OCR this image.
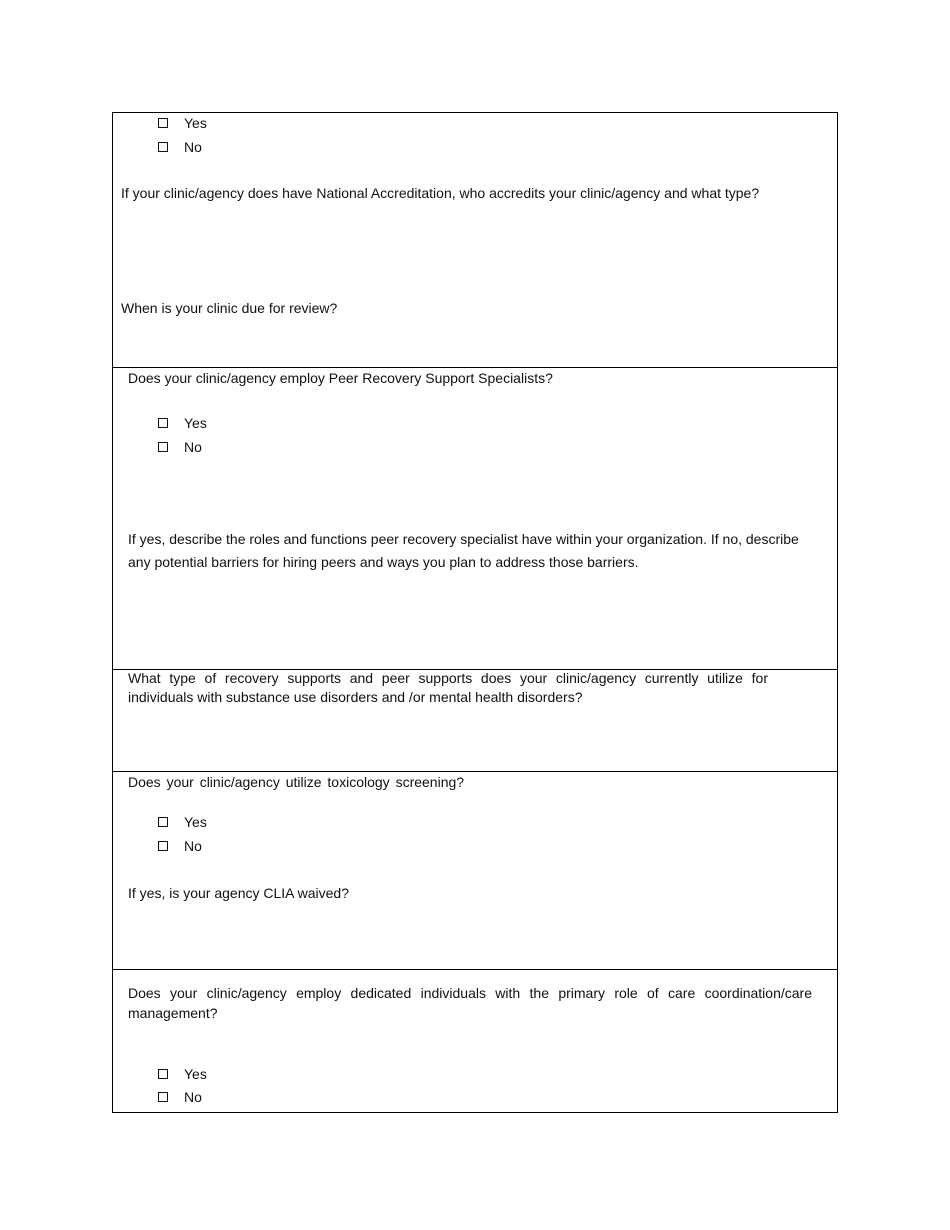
Yes
No

If your clinic/agency does have National Accreditation, who accredits your clinic/agency and what type?

When is your clinic due for review?

Does your clinic/agency employ Peer Recovery Support Specialists?

Yes
No

If yes, describe the roles and functions peer recovery specialist have within your organization. If no, describe any potential barriers for hiring peers and ways you plan to address those barriers.

What type of recovery supports and peer supports does your clinic/agency currently utilize for individuals with substance use disorders and /or mental health disorders?

Does your clinic/agency utilize toxicology screening?

Yes
No

If yes, is your agency CLIA waived?

Does your clinic/agency employ dedicated individuals with the primary role of care coordination/care management?

Yes
No
